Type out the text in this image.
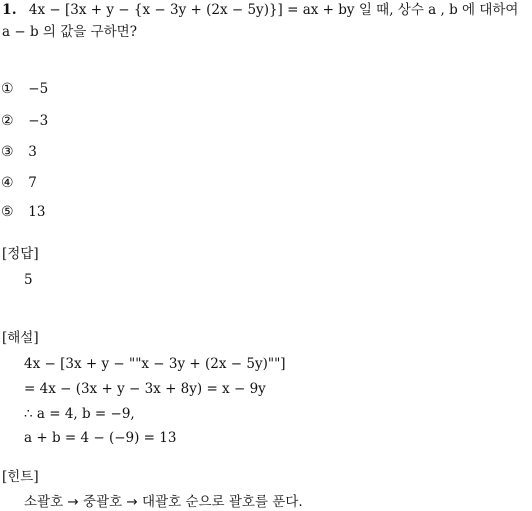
1. 4x − [3x + y − {x − 3y + (2x − 5y)}] = ax + by 일 때, 상수 a , b 에 대하여
a − b 의 값을 구하면?
① −5
② −3
③ 3
④ 7
⑤ 13
[정답]
5
[해설]
4x − [3x + y − ""x − 3y + (2x − 5y)""]
= 4x − (3x + y − 3x + 8y) = x − 9y
∴ a = 4, b = −9,
a + b = 4 − (−9) = 13
[힌트]
소괄호 → 중괄호 → 대괄호 순으로 괄호를 푼다.
